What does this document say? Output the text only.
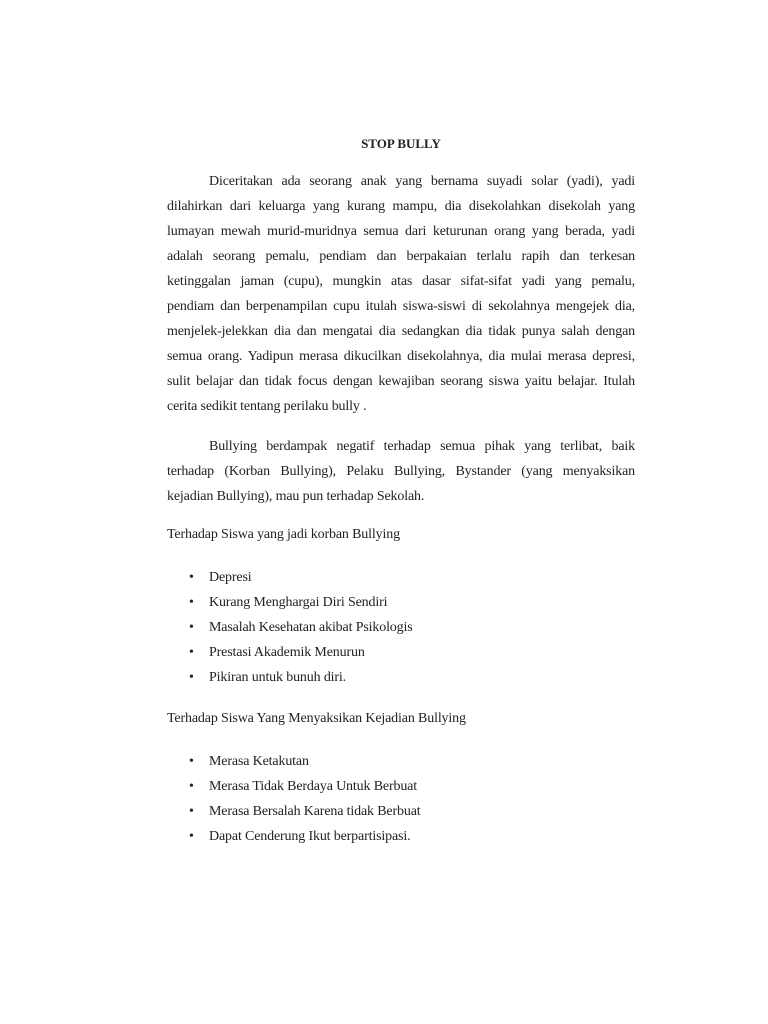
STOP BULLY
Diceritakan ada seorang anak yang bernama suyadi solar (yadi), yadi
dilahirkan dari keluarga yang kurang mampu, dia disekolahkan disekolah yang
lumayan mewah murid-muridnya semua dari keturunan orang yang berada, yadi
adalah seorang pemalu, pendiam dan berpakaian terlalu rapih dan terkesan
ketinggalan jaman (cupu), mungkin atas dasar sifat-sifat yadi yang pemalu,
pendiam dan berpenampilan cupu itulah siswa-siswi di sekolahnya mengejek dia,
menjelek-jelekkan dia dan mengatai dia sedangkan dia tidak punya salah dengan
semua orang. Yadipun merasa dikucilkan disekolahnya, dia mulai merasa depresi,
sulit belajar dan tidak focus dengan kewajiban seorang siswa yaitu belajar. Itulah
cerita sedikit tentang perilaku bully .
Bullying berdampak negatif terhadap semua pihak yang terlibat, baik
terhadap (Korban Bullying), Pelaku Bullying, Bystander (yang menyaksikan
kejadian Bullying), mau pun terhadap Sekolah.
Terhadap Siswa yang jadi korban Bullying
• Depresi
• Kurang Menghargai Diri Sendiri
• Masalah Kesehatan akibat Psikologis
• Prestasi Akademik Menurun
• Pikiran untuk bunuh diri.
Terhadap Siswa Yang Menyaksikan Kejadian Bullying
• Merasa Ketakutan
• Merasa Tidak Berdaya Untuk Berbuat
• Merasa Bersalah Karena tidak Berbuat
• Dapat Cenderung Ikut berpartisipasi.
